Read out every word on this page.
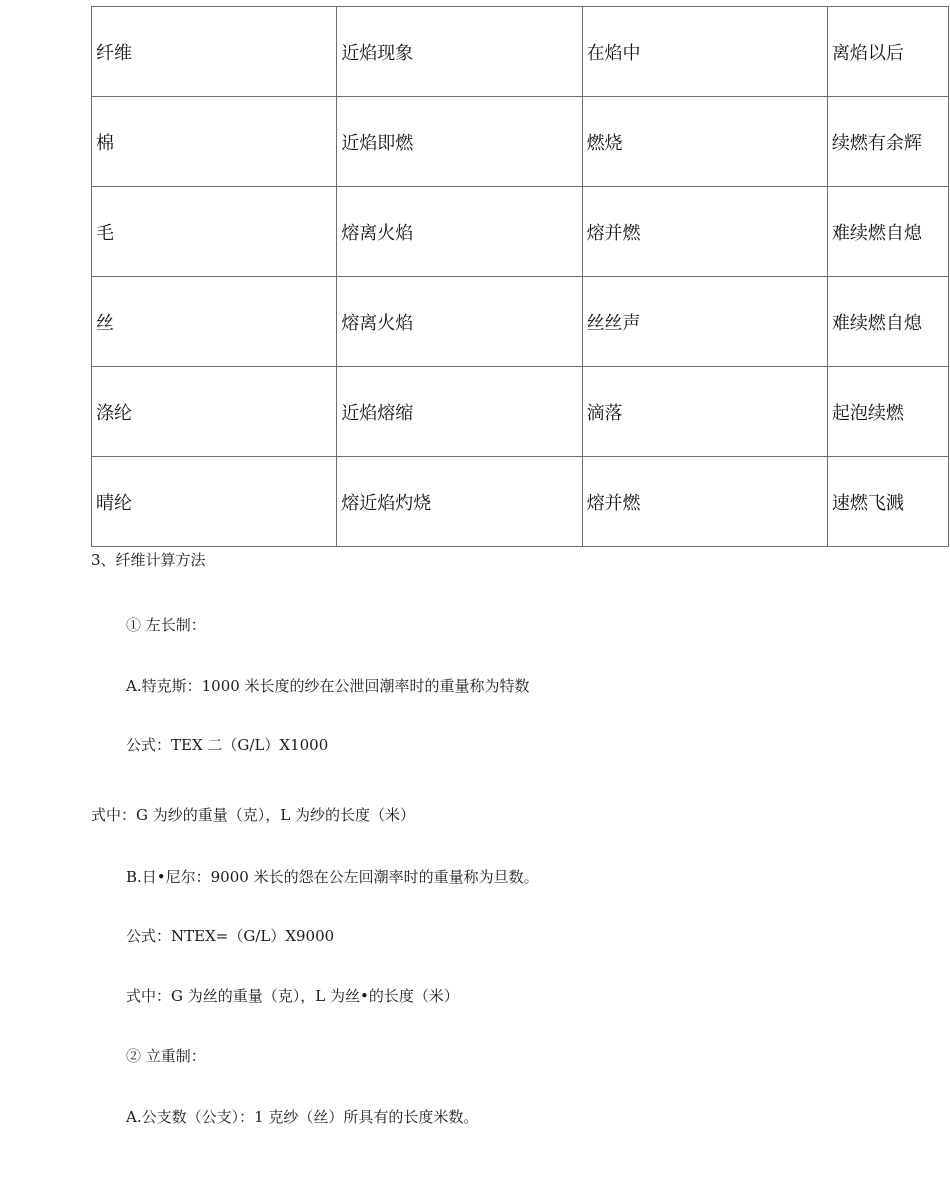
纤维	近焰现象	在焰中	离焰以后
棉	近焰即燃	燃烧	续燃有余辉
毛	熔离火焰	熔并燃	难续燃自熄
丝	熔离火焰	丝丝声	难续燃自熄
涤纶	近焰熔缩	滴落	起泡续燃
晴纶	熔近焰灼烧	熔并燃	速燃飞溅

3、纤维计算方法

① 左长制：

A.特克斯：1000 米长度的纱在公泄回潮率时的重量称为特数

公式：TEX 二（G/L）X1000

式中：G 为纱的重量（克），L 为纱的长度（米）

B.日•尼尔：9000 米长的怨在公左回潮率时的重量称为旦数。

公式：NTEX=（G/L）X9000

式中：G 为丝的重量（克），L 为丝•的长度（米）

② 立重制：

A.公支数（公支）：1 克纱（丝）所具有的长度米数。
